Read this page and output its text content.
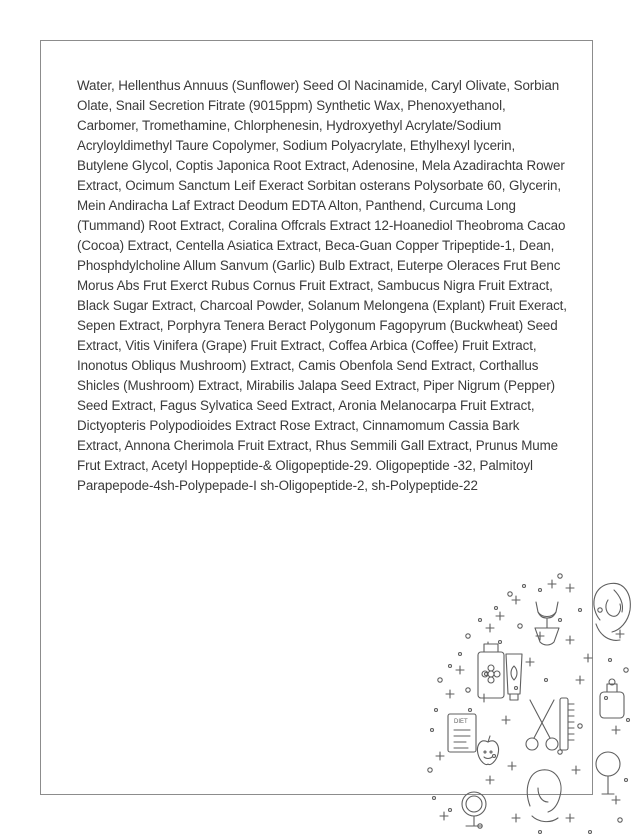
Water, Hellenthus Annuus (Sunflower) Seed Ol Nacinamide, Caryl Olivate, Sorbian Olate, Snail Secretion Fitrate (9015ppm) Synthetic Wax, Phenoxyethanol, Carbomer, Tromethamine, Chlorphenesin, Hydroxyethyl Acrylate/Sodium Acryloyldimethyl Taure Copolymer, Sodium Polyacrylate, Ethylhexyl lycerin, Butylene Glycol, Coptis Japonica Root Extract, Adenosine, Mela Azadirachta Rower Extract, Ocimum Sanctum Leif Exeract Sorbitan osterans Polysorbate 60, Glycerin, Mein Andiracha Laf Extract Deodum EDTA Alton, Panthend, Curcuma Long (Tummand) Root Extract, Coralina Offcrals Extract 12-Hoanediol Theobroma Cacao (Cocoa) Extract, Centella Asiatica Extract, Beca-Guan Copper Tripeptide-1, Dean, Phosphdylcholine Allum Sanvum (Garlic) Bulb Extract, Euterpe Oleraces Frut Benc Morus Abs Frut Exerct Rubus Cornus Fruit Extract, Sambucus Nigra Fruit Extract, Black Sugar Extract, Charcoal Powder, Solanum Melongena (Explant) Fruit Exeract, Sepen Extract, Porphyra Tenera Beract Polygonum Fagopyrum (Buckwheat) Seed Extract, Vitis Vinifera (Grape) Fruit Extract, Coffea Arbica (Coffee) Fruit Extract, Inonotus Obliqus Mushroom) Extract, Camis Obenfola Send Extract, Corthallus Shicles (Mushroom) Extract, Mirabilis Jalapa Seed Extract, Piper Nigrum (Pepper) Seed Extract, Fagus Sylvatica Seed Extract, Aronia Melanocarpa Fruit Extract, Dictyopteris Polypodioides Extract Rose Extract, Cinnamomum Cassia Bark Extract, Annona Cherimola Fruit Extract, Rhus Semmili Gall Extract, Prunus Mume Frut Extract, Acetyl Hoppeptide-& Oligopeptide-29. Oligopeptide -32, Palmitoyl Parapepode-4sh-Polypepade-I sh-Oligopeptide-2, sh-Polypeptide-22

DIET
